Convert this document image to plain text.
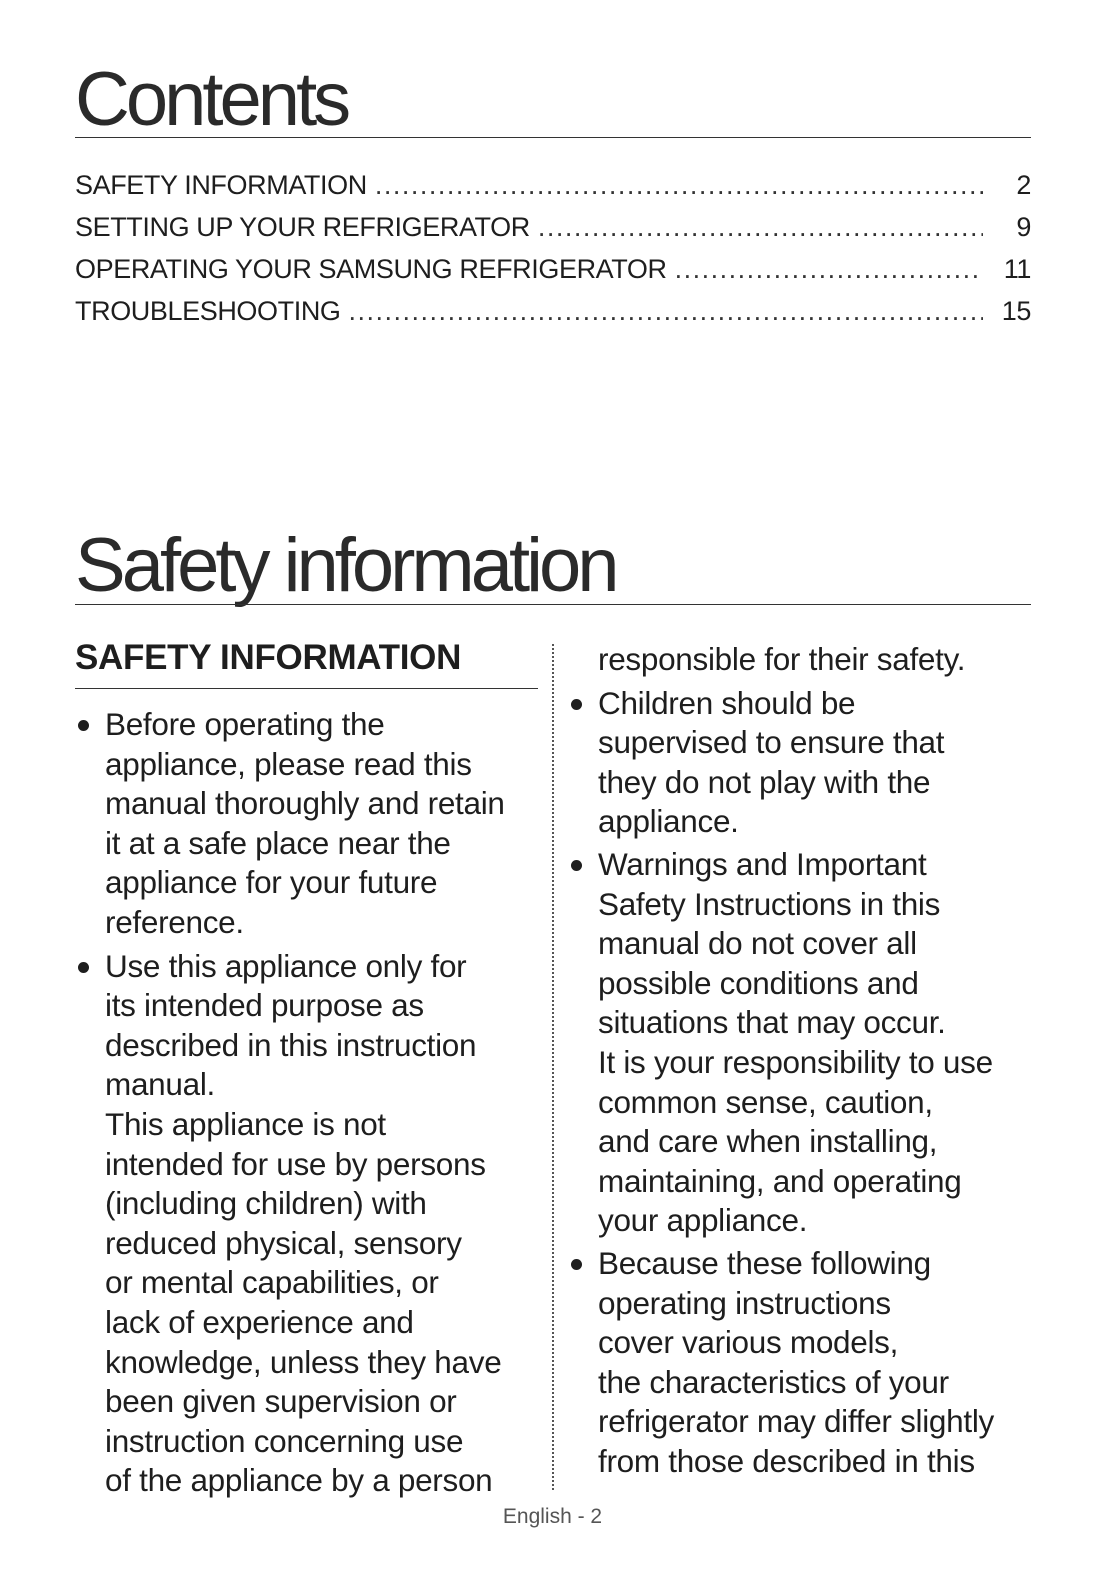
Contents
SAFETY INFORMATION . . .	2
SETTING UP YOUR REFRIGERATOR . . .	9
OPERATING YOUR SAMSUNG REFRIGERATOR . . .	11
TROUBLESHOOTING . . .	15
Safety information
SAFETY INFORMATION

Before operating the
appliance, please read this
manual thoroughly and retain
it at a safe place near the
appliance for your future
reference.

Use this appliance only for
its intended purpose as
described in this instruction
manual.
This appliance is not
intended for use by persons
(including children) with
reduced physical, sensory
or mental capabilities, or
lack of experience and
knowledge, unless they have
been given supervision or
instruction concerning use
of the appliance by a person

responsible for their safety.

Children should be
supervised to ensure that
they do not play with the
appliance.

Warnings and Important
Safety Instructions in this
manual do not cover all
possible conditions and
situations that may occur.
It is your responsibility to use
common sense, caution,
and care when installing,
maintaining, and operating
your appliance.

Because these following
operating instructions
cover various models,
the characteristics of your
refrigerator may differ slightly
from those described in this

English - 2
